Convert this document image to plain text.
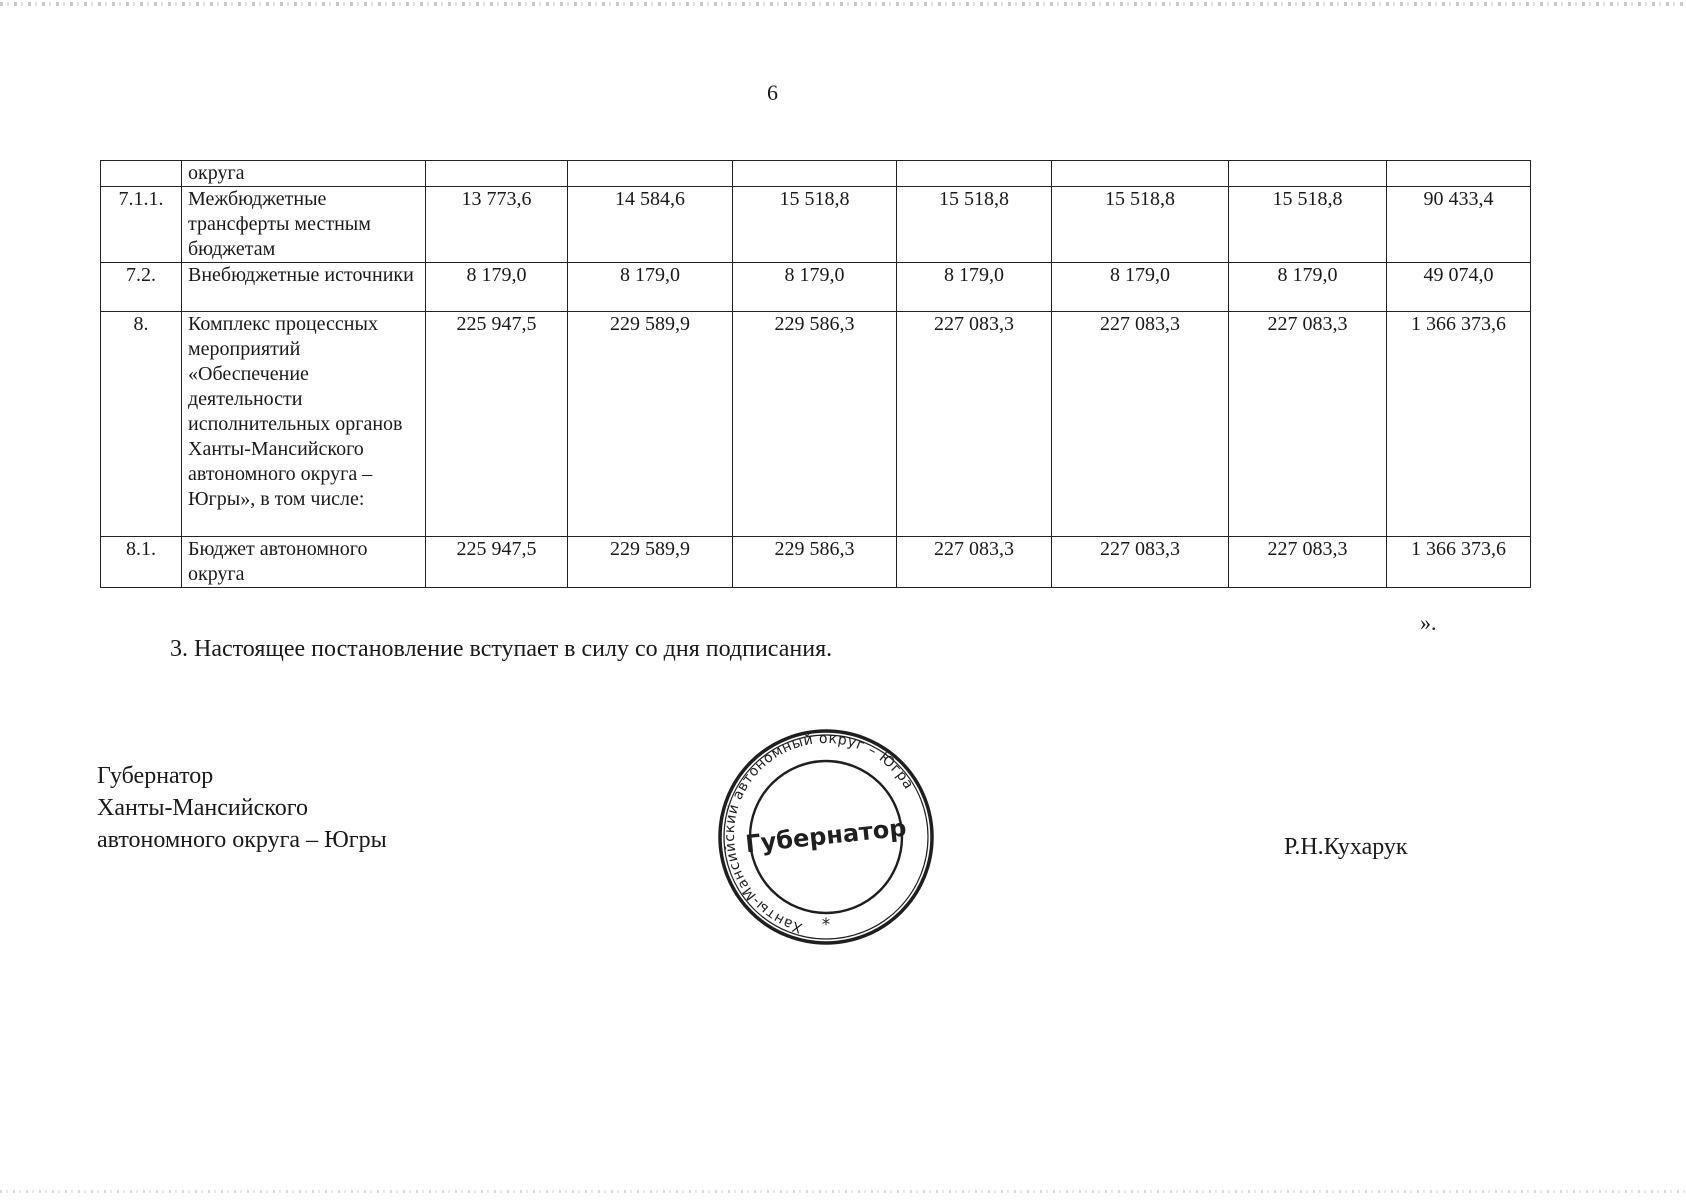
6
	округа							
7.1.1.	Межбюджетные трансферты местным бюджетам	13 773,6	14 584,6	15 518,8	15 518,8	15 518,8	15 518,8	90 433,4
7.2.	Внебюджетные источники	8 179,0	8 179,0	8 179,0	8 179,0	8 179,0	8 179,0	49 074,0
8.	Комплекс процессных мероприятий «Обеспечение деятельности исполнительных органов Ханты-Мансийского автономного округа – Югры», в том числе:	225 947,5	229 589,9	229 586,3	227 083,3	227 083,3	227 083,3	1 366 373,6
8.1.	Бюджет автономного округа	225 947,5	229 589,9	229 586,3	227 083,3	227 083,3	227 083,3	1 366 373,6
».
3. Настоящее постановление вступает в силу со дня подписания.
Губернатор
Ханты-Мансийского
автономного округа – Югры
Ханты-Мансийский автономный округ – Югра
Губернатор
*
Р.Н.Кухарук
